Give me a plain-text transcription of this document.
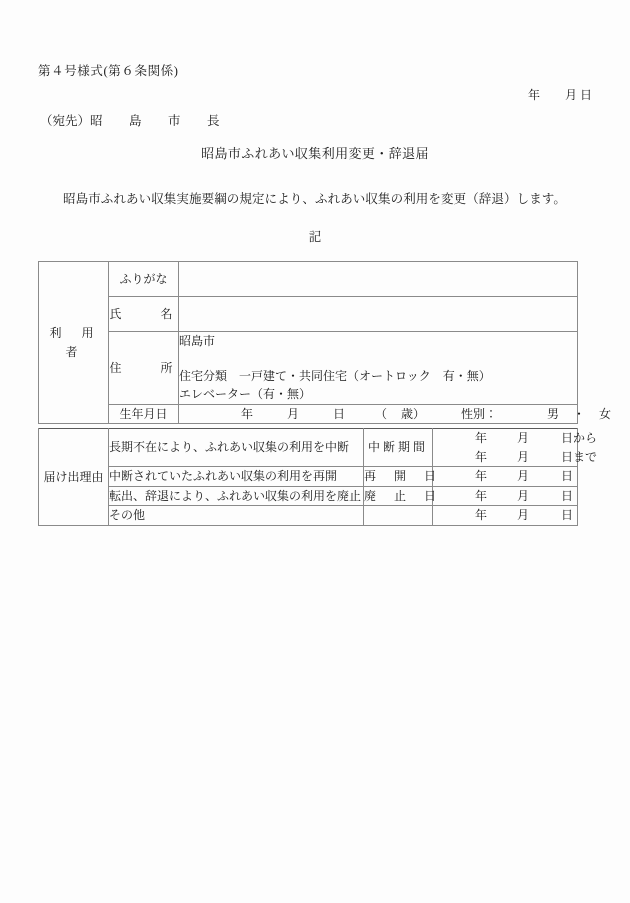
第４号様式(第６条関係)
年 月 日
（宛先）昭　島　市　長
昭島市ふれあい収集利用変更・辞退届
昭島市ふれあい収集実施要綱の規定により、ふれあい収集の利用を変更（辞退）します。
記
利　用　者	ふりがな	
	氏　　名	
	住　　所	昭島市
住宅分類　一戸建て・共同住宅（オートロック　有・無）
エレベーター（有・無）

	生年月日	年 月 日 （ 歳） 性別： 男 ・ 女
届け出理由	長期不在により、ふれあい収集の利用を中断	中断期間	年 月 日から
年 月 日まで

	中断されていたふれあい収集の利用を再開	再　開　日	年 月 日
	転出、辞退により、ふれあい収集の利用を廃止	廃　止　日	年 月 日
	その他		年 月 日
